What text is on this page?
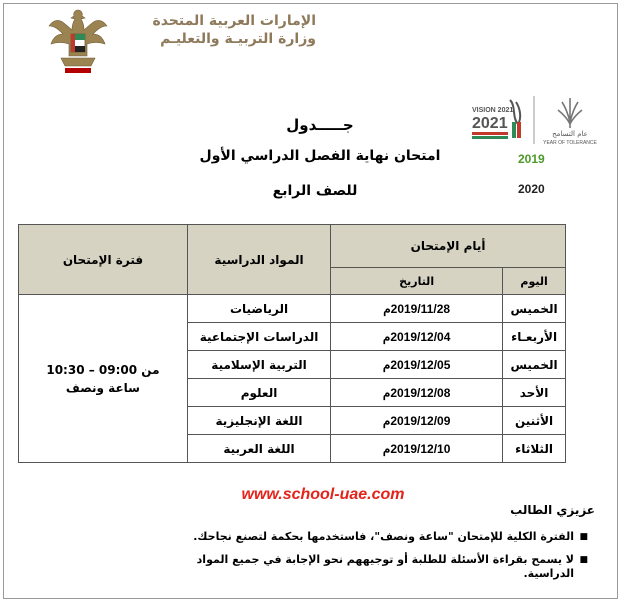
الإمارات العربية المتحدة
وزارة التربيـة والتعليـم
VISION 2021
2021
عام التسامح
YEAR OF TOLERANCE
2019
2020
جـــــدول
امتحان نهاية الفصل الدراسي الأول
للصف الرابع
أيام الإمتحان		المواد الدراسية	فترة الإمتحان
اليوم	التاريخ		
الخميس	2019/11/28م	الرياضيات	من 09:00 – 10:30
ساعة ونصف

الأربعـاء	2019/12/04م	الدراسات الإجتماعية	
الخميس	2019/12/05م	التربية الإسلامية	
الأحد	2019/12/08م	العلوم	
الأثنين	2019/12/09م	اللغة الإنجليزية	
الثلاثاء	2019/12/10م	اللغة العربية	
www.school-uae.com
عزيزي الطالب
■
الفترة الكلية للإمتحان "ساعة ونصف"، فاستخدمها بحكمة لتصنع نجاحك.
■
لا يسمح بقراءة الأسئلة للطلبة أو توجيههم نحو الإجابة في جميع المواد الدراسية.
